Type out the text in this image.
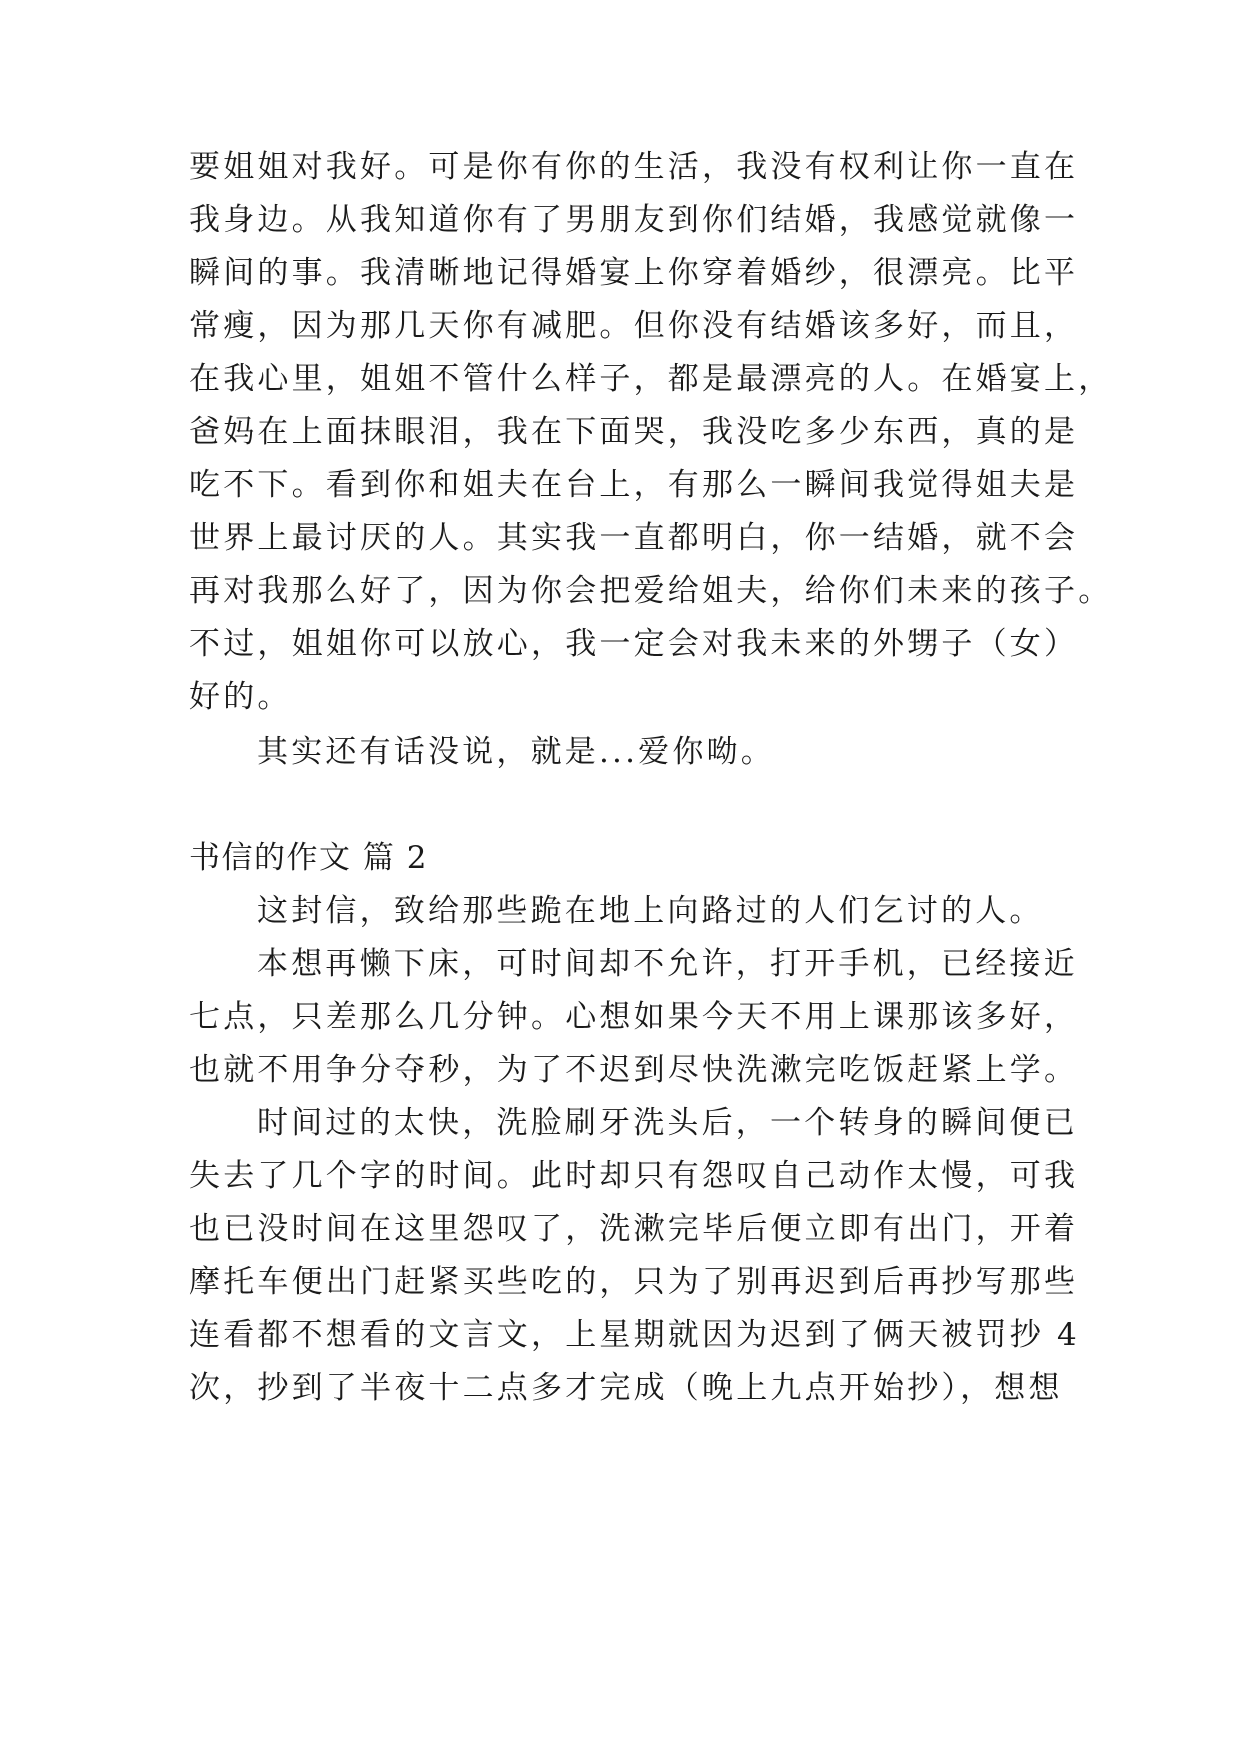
要姐姐对我好。可是你有你的生活，我没有权利让你一直在
我身边。从我知道你有了男朋友到你们结婚，我感觉就像一
瞬间的事。我清晰地记得婚宴上你穿着婚纱，很漂亮。比平
常瘦，因为那几天你有减肥。但你没有结婚该多好，而且，
在我心里，姐姐不管什么样子，都是最漂亮的人。在婚宴上，
爸妈在上面抹眼泪，我在下面哭，我没吃多少东西，真的是
吃不下。看到你和姐夫在台上，有那么一瞬间我觉得姐夫是
世界上最讨厌的人。其实我一直都明白，你一结婚，就不会
再对我那么好了，因为你会把爱给姐夫，给你们未来的孩子。
不过，姐姐你可以放心，我一定会对我未来的外甥子（女）
好的。
其实还有话没说，就是...爱你呦。
书信的作文 篇 2
这封信，致给那些跪在地上向路过的人们乞讨的人。
本想再懒下床，可时间却不允许，打开手机，已经接近
七点，只差那么几分钟。心想如果今天不用上课那该多好，
也就不用争分夺秒，为了不迟到尽快洗漱完吃饭赶紧上学。
时间过的太快，洗脸刷牙洗头后，一个转身的瞬间便已
失去了几个字的时间。此时却只有怨叹自己动作太慢，可我
也已没时间在这里怨叹了，洗漱完毕后便立即有出门，开着
摩托车便出门赶紧买些吃的，只为了别再迟到后再抄写那些
连看都不想看的文言文，上星期就因为迟到了俩天被罚抄 4
次，抄到了半夜十二点多才完成（晚上九点开始抄），想想
